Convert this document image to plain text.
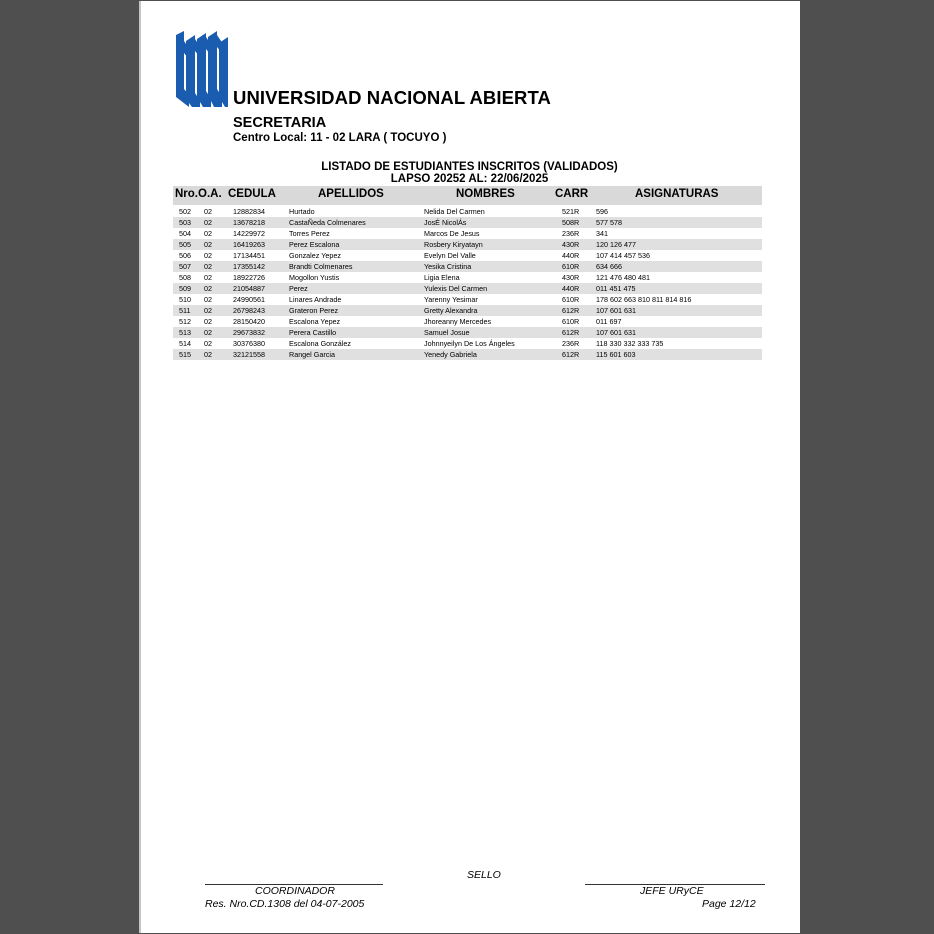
UNIVERSIDAD NACIONAL ABIERTA
SECRETARIA
Centro Local: 11 - 02 LARA ( TOCUYO )
LISTADO DE ESTUDIANTES INSCRITOS (VALIDADOS)
LAPSO 20252 AL: 22/06/2025
Nro.O.A. CEDULA	APELLIDOS	NOMBRES	CARR	ASIGNATURAS
502 02	12882834	Hurtado	Nelida Del Carmen	521R 596
503 02	13678218	CastaÑeda Colmenares	JosÉ NicolÁs	508R 577 578
504 02	14229972	Torres Perez	Marcos De Jesus	236R 341
505 02	16419263	Perez Escalona	Rosbery Kiryatayn	430R 120 126 477
506 02	17134451	Gonzalez Yepez	Evelyn Del Valle	440R 107 414 457 536
507 02	17355142	Brandti Colmenares	Yesika Cristina	610R 634 666
508 02	18922726	Mogollon Yustis	Ligia Elena	430R 121 476 480 481
509 02	21054887	Perez	Yulexis Del Carmen	440R 011 451 475
510 02	24990561	Linares Andrade	Yarenny Yesimar	610R 178 602 663 810 811 814 816
511 02	26798243	Grateron Perez	Gretty Alexandra	612R 107 601 631
512 02	28150420	Escalona Yepez	Jhoreanny Mercedes	610R 011 697
513 02	29673832	Perera Castillo	Samuel Josue	612R 107 601 631
514 02	30376380	Escalona González	Johnnyeilyn De Los Ángeles	236R 118 330 332 333 735
515 02	32121558	Rangel Garcia	Yenedy Gabriela	612R 115 601 603
SELLO
COORDINADOR	JEFE URyCE
Res. Nro.CD.1308 del 04-07-2005	Page 12/12
